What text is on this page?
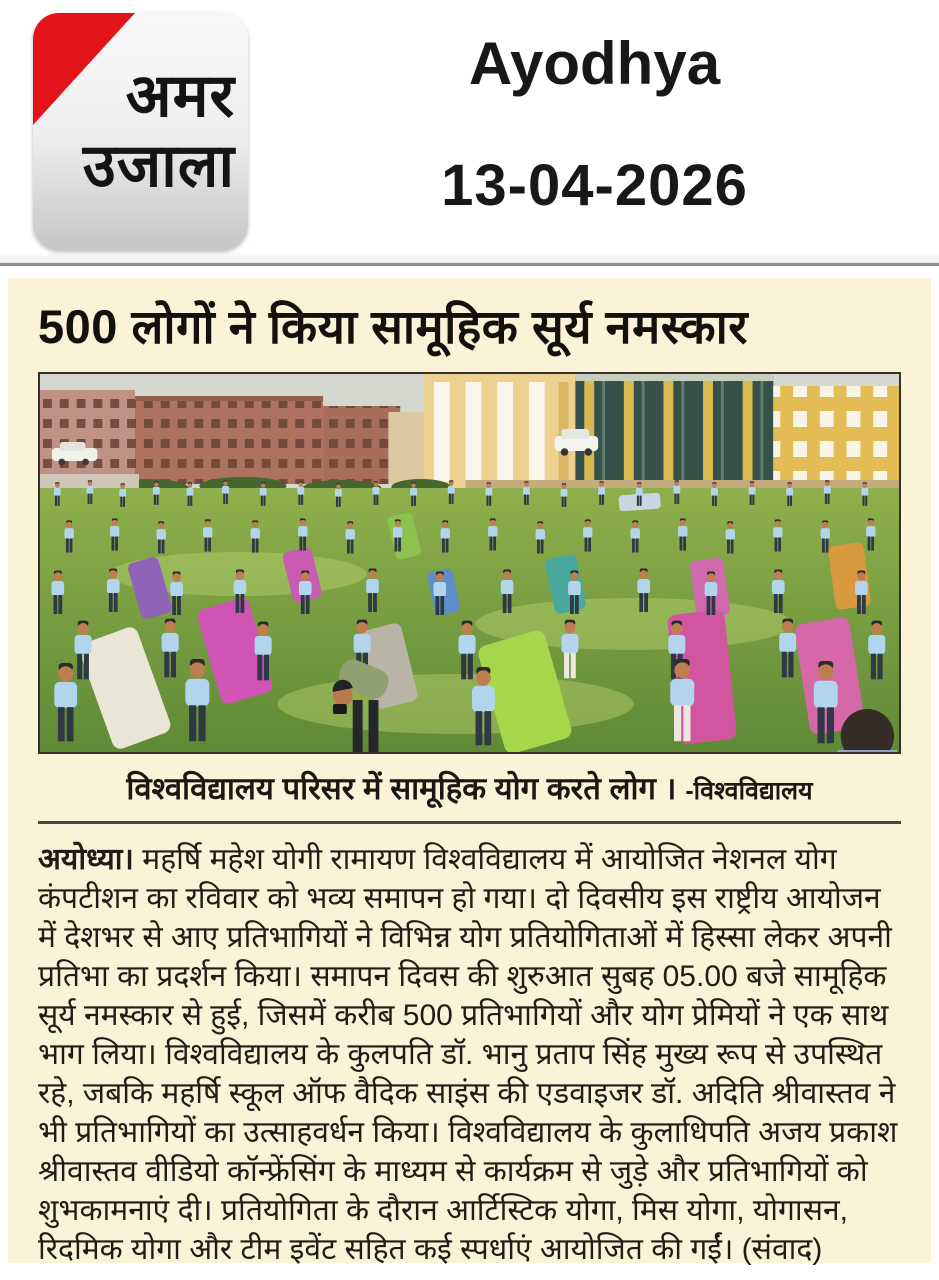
अमर
उजाला
Ayodhya
13-04-2026
500 लोगों ने किया सामूहिक सूर्य नमस्कार
विश्वविद्यालय परिसर में सामूहिक योग करते लोग । -विश्वविद्यालय

अयोध्या। महर्षि महेश योगी रामायण विश्वविद्यालय में आयोजित नेशनल योगकंपटीशन का रविवार को भव्य समापन हो गया। दो दिवसीय इस राष्ट्रीय आयोजन में देशभर से आए प्रतिभागियों ने विभिन्न योग प्रतियोगिताओं में हिस्सा लेकर अपनीप्रतिभा का प्रदर्शन किया। समापन दिवस की शुरुआत सुबह 05.00 बजे सामूहिकसूर्य नमस्कार से हुई, जिसमें करीब 500 प्रतिभागियों और योग प्रेमियों ने एक साथभाग लिया। विश्वविद्यालय के कुलपति डॉ. भानु प्रताप सिंह मुख्य रूप से उपस्थितरहे, जबकि महर्षि स्कूल ऑफ वैदिक साइंस की एडवाइजर डॉ. अदिति श्रीवास्तव नेभी प्रतिभागियों का उत्साहवर्धन किया। विश्वविद्यालय के कुलाधिपति अजय प्रकाशश्रीवास्तव वीडियो कॉन्फ्रेंसिंग के माध्यम से कार्यक्रम से जुड़े और प्रतिभागियों कोशुभकामनाएं दी। प्रतियोगिता के दौरान आर्टिस्टिक योगा, मिस योगा, योगासन,रिदमिक योगा और टीम इवेंट सहित कई स्पर्धाएं आयोजित की गईं। (संवाद)
